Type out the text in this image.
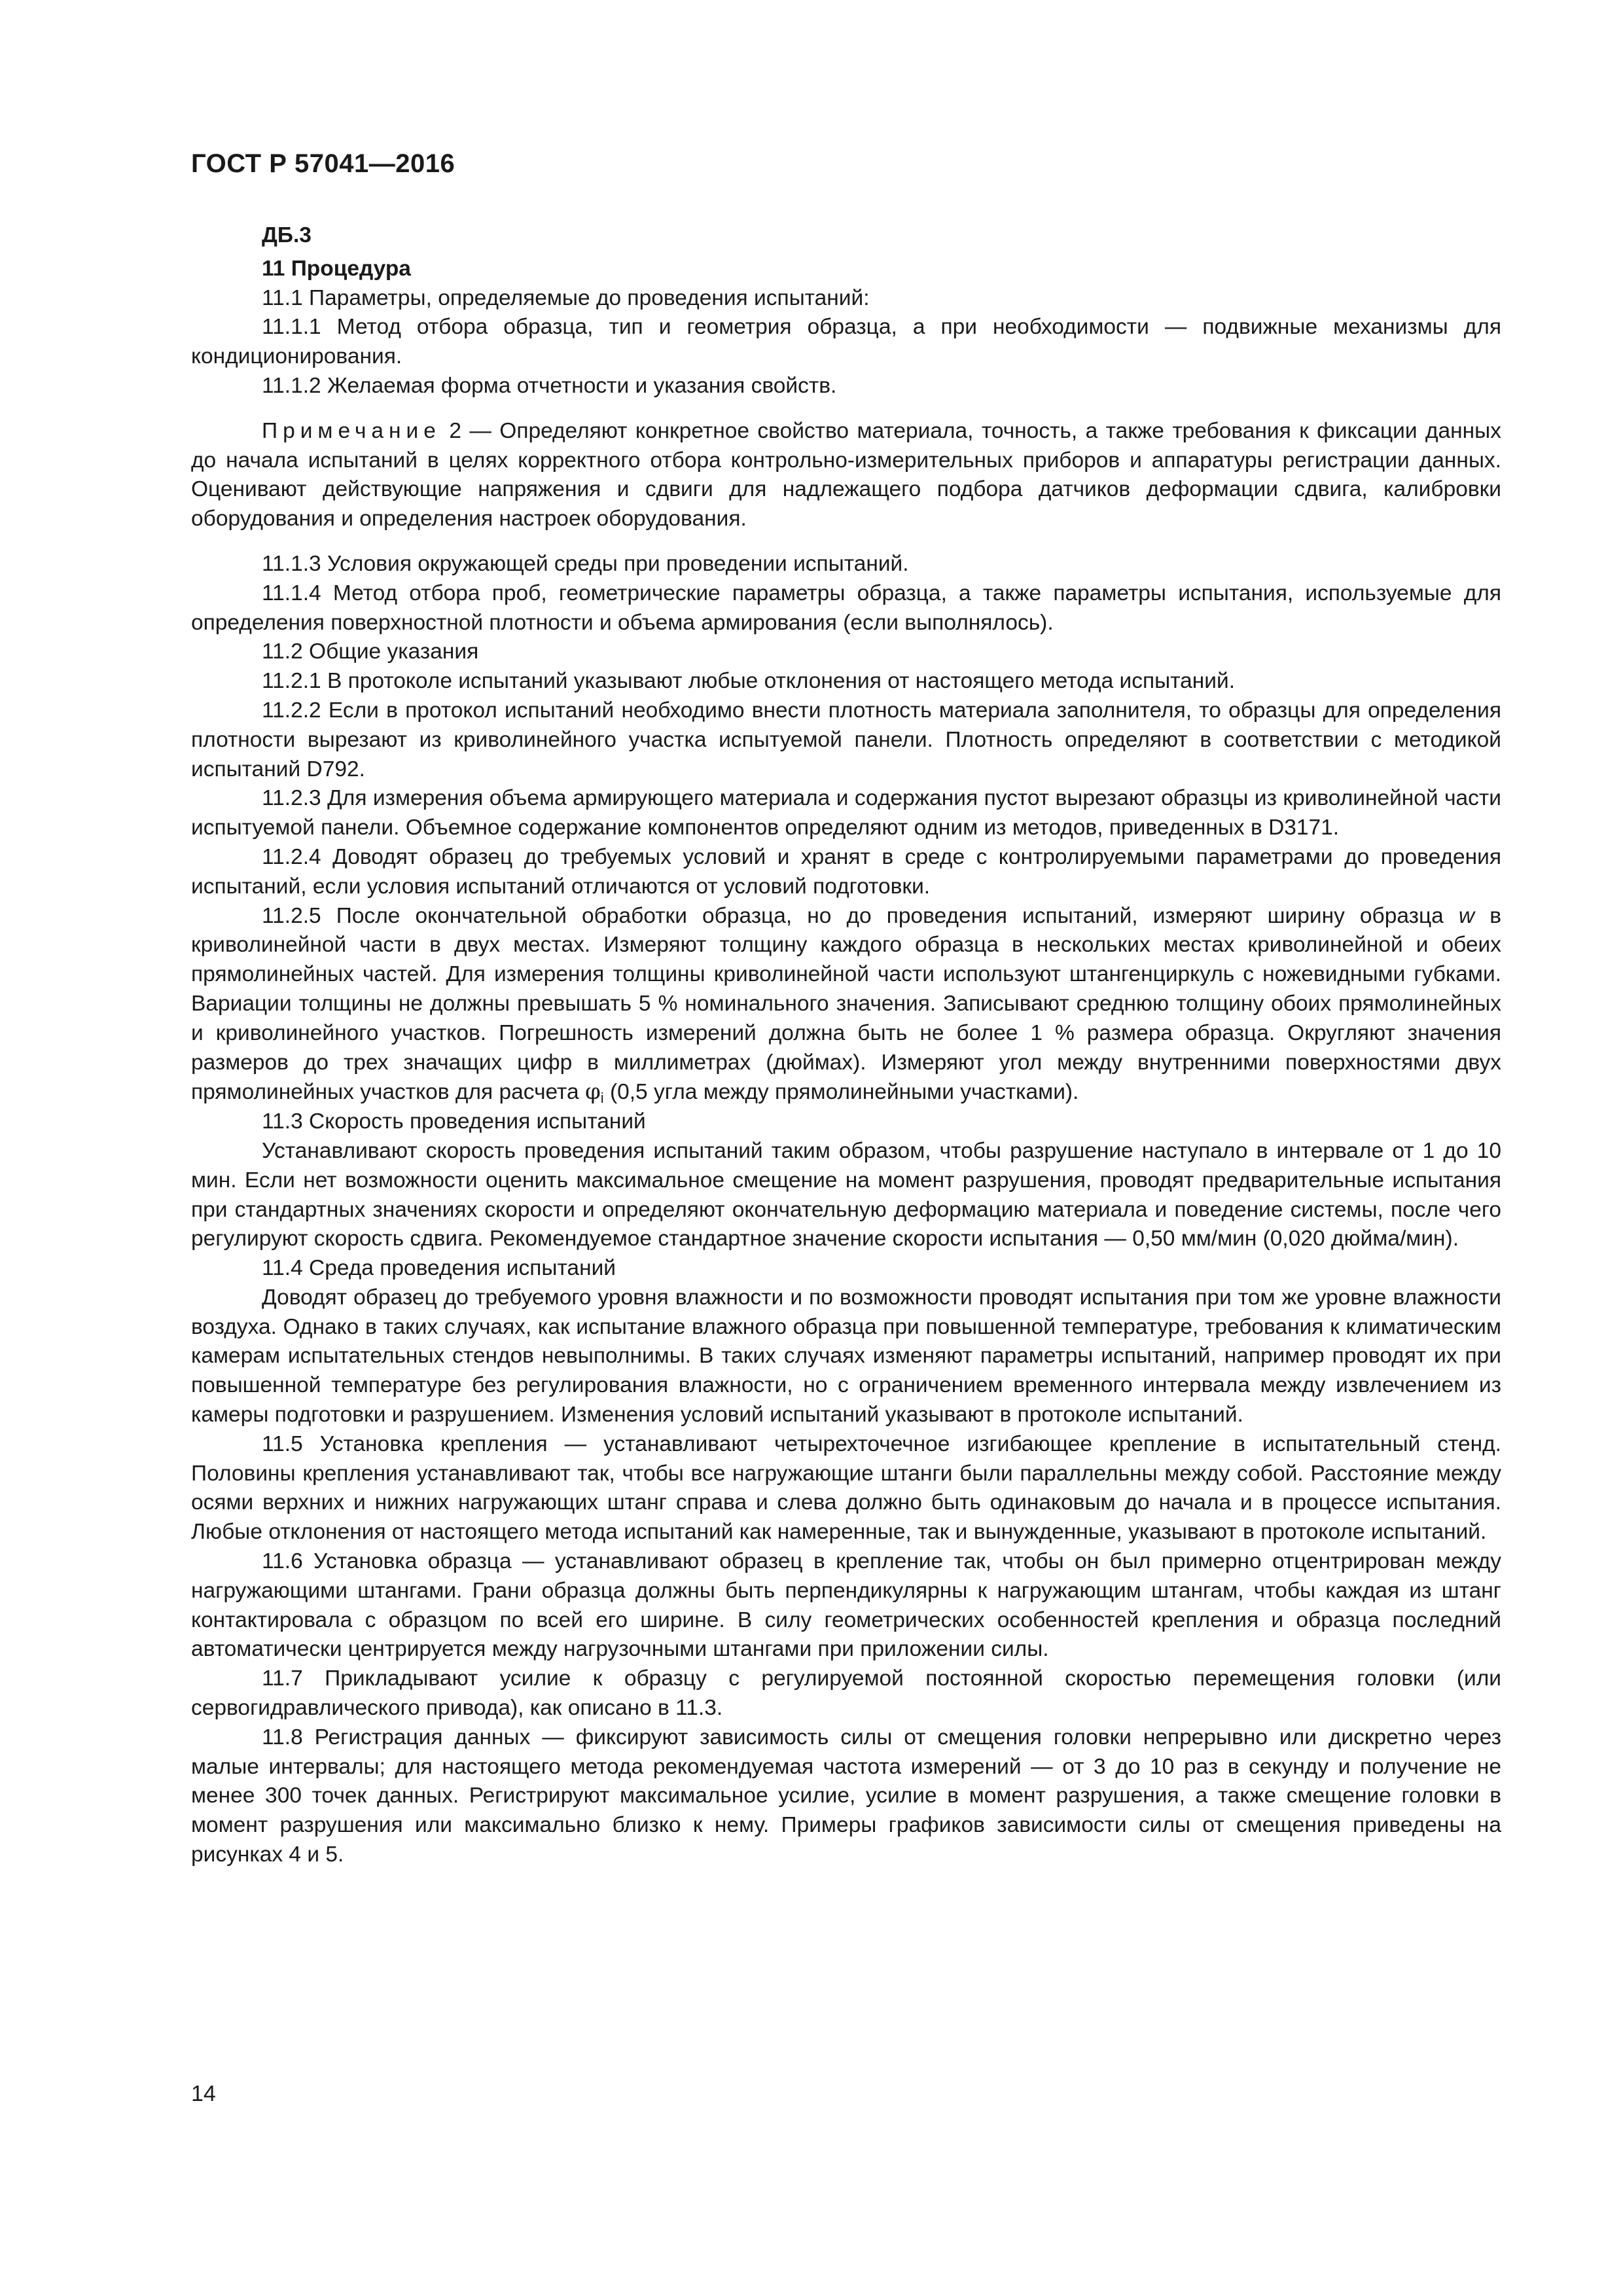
ГОСТ Р 57041—2016

ДБ.3

11 Процедура

11.1 Параметры, определяемые до проведения испытаний:

11.1.1 Метод отбора образца, тип и геометрия образца, а при необходимости — подвижные механизмы для кондиционирования.

11.1.2 Желаемая форма отчетности и указания свойств.

Примечание 2 — Определяют конкретное свойство материала, точность, а также требования к фиксации данных до начала испытаний в целях корректного отбора контрольно-измерительных приборов и аппаратуры регистрации данных. Оценивают действующие напряжения и сдвиги для надлежащего подбора датчиков деформации сдвига, калибровки оборудования и определения настроек оборудования.

11.1.3 Условия окружающей среды при проведении испытаний.

11.1.4 Метод отбора проб, геометрические параметры образца, а также параметры испытания, используемые для определения поверхностной плотности и объема армирования (если выполнялось).

11.2 Общие указания

11.2.1 В протоколе испытаний указывают любые отклонения от настоящего метода испытаний.

11.2.2 Если в протокол испытаний необходимо внести плотность материала заполнителя, то образцы для определения плотности вырезают из криволинейного участка испытуемой панели. Плотность определяют в соответствии с методикой испытаний D792.

11.2.3 Для измерения объема армирующего материала и содержания пустот вырезают образцы из криволинейной части испытуемой панели. Объемное содержание компонентов определяют одним из методов, приведенных в D3171.

11.2.4 Доводят образец до требуемых условий и хранят в среде с контролируемыми параметрами до проведения испытаний, если условия испытаний отличаются от условий подготовки.

11.2.5 После окончательной обработки образца, но до проведения испытаний, измеряют ширину образца w в криволинейной части в двух местах. Измеряют толщину каждого образца в нескольких местах криволинейной и обеих прямолинейных частей. Для измерения толщины криволинейной части используют штангенциркуль с ножевидными губками. Вариации толщины не должны превышать 5 % номинального значения. Записывают среднюю толщину обоих прямолинейных и криволинейного участков. Погрешность измерений должна быть не более 1 % размера образца. Округляют значения размеров до трех значащих цифр в миллиметрах (дюймах). Измеряют угол между внутренними поверхностями двух прямолинейных участков для расчета $\varphi_i$ (0,5 угла между прямолинейными участками).

11.3 Скорость проведения испытаний

Устанавливают скорость проведения испытаний таким образом, чтобы разрушение наступало в интервале от 1 до 10 мин. Если нет возможности оценить максимальное смещение на момент разрушения, проводят предварительные испытания при стандартных значениях скорости и определяют окончательную деформацию материала и поведение системы, после чего регулируют скорость сдвига. Рекомендуемое стандартное значение скорости испытания — 0,50 мм/мин (0,020 дюйма/мин).

11.4 Среда проведения испытаний

Доводят образец до требуемого уровня влажности и по возможности проводят испытания при том же уровне влажности воздуха. Однако в таких случаях, как испытание влажного образца при повышенной температуре, требования к климатическим камерам испытательных стендов невыполнимы. В таких случаях изменяют параметры испытаний, например проводят их при повышенной температуре без регулирования влажности, но с ограничением временного интервала между извлечением из камеры подготовки и разрушением. Изменения условий испытаний указывают в протоколе испытаний.

11.5 Установка крепления — устанавливают четырехточечное изгибающее крепление в испытательный стенд. Половины крепления устанавливают так, чтобы все нагружающие штанги были параллельны между собой. Расстояние между осями верхних и нижних нагружающих штанг справа и слева должно быть одинаковым до начала и в процессе испытания. Любые отклонения от настоящего метода испытаний как намеренные, так и вынужденные, указывают в протоколе испытаний.

11.6 Установка образца — устанавливают образец в крепление так, чтобы он был примерно отцентрирован между нагружающими штангами. Грани образца должны быть перпендикулярны к нагружающим штангам, чтобы каждая из штанг контактировала с образцом по всей его ширине. В силу геометрических особенностей крепления и образца последний автоматически центрируется между нагрузочными штангами при приложении силы.

11.7 Прикладывают усилие к образцу с регулируемой постоянной скоростью перемещения головки (или сервогидравлического привода), как описано в 11.3.

11.8 Регистрация данных — фиксируют зависимость силы от смещения головки непрерывно или дискретно через малые интервалы; для настоящего метода рекомендуемая частота измерений — от 3 до 10 раз в секунду и получение не менее 300 точек данных. Регистрируют максимальное усилие, усилие в момент разрушения, а также смещение головки в момент разрушения или максимально близко к нему. Примеры графиков зависимости силы от смещения приведены на рисунках 4 и 5.

14
